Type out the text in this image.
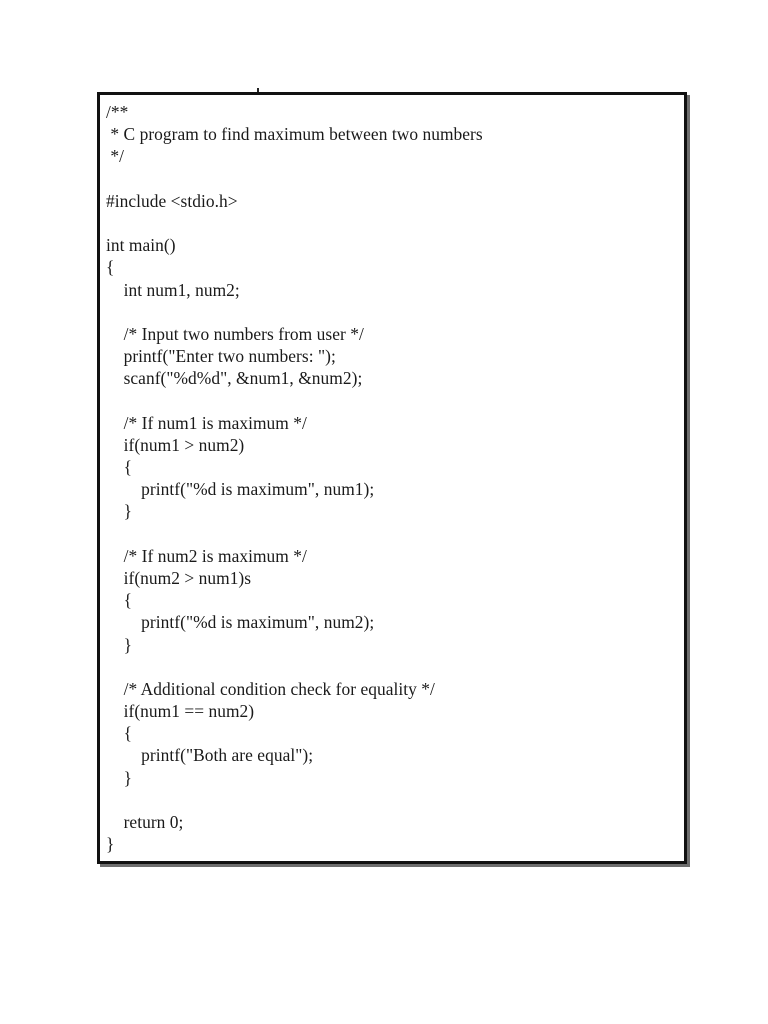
/**
* C program to find maximum between two numbers
*/
#include <stdio.h>
int main()
{
int num1, num2;
/* Input two numbers from user */
printf("Enter two numbers: ");
scanf("%d%d", &num1, &num2);
/* If num1 is maximum */
if(num1 > num2)
{
printf("%d is maximum", num1);
}
/* If num2 is maximum */
if(num2 > num1)s
{
printf("%d is maximum", num2);
}
/* Additional condition check for equality */
if(num1 == num2)
{
printf("Both are equal");
}
return 0;
}
